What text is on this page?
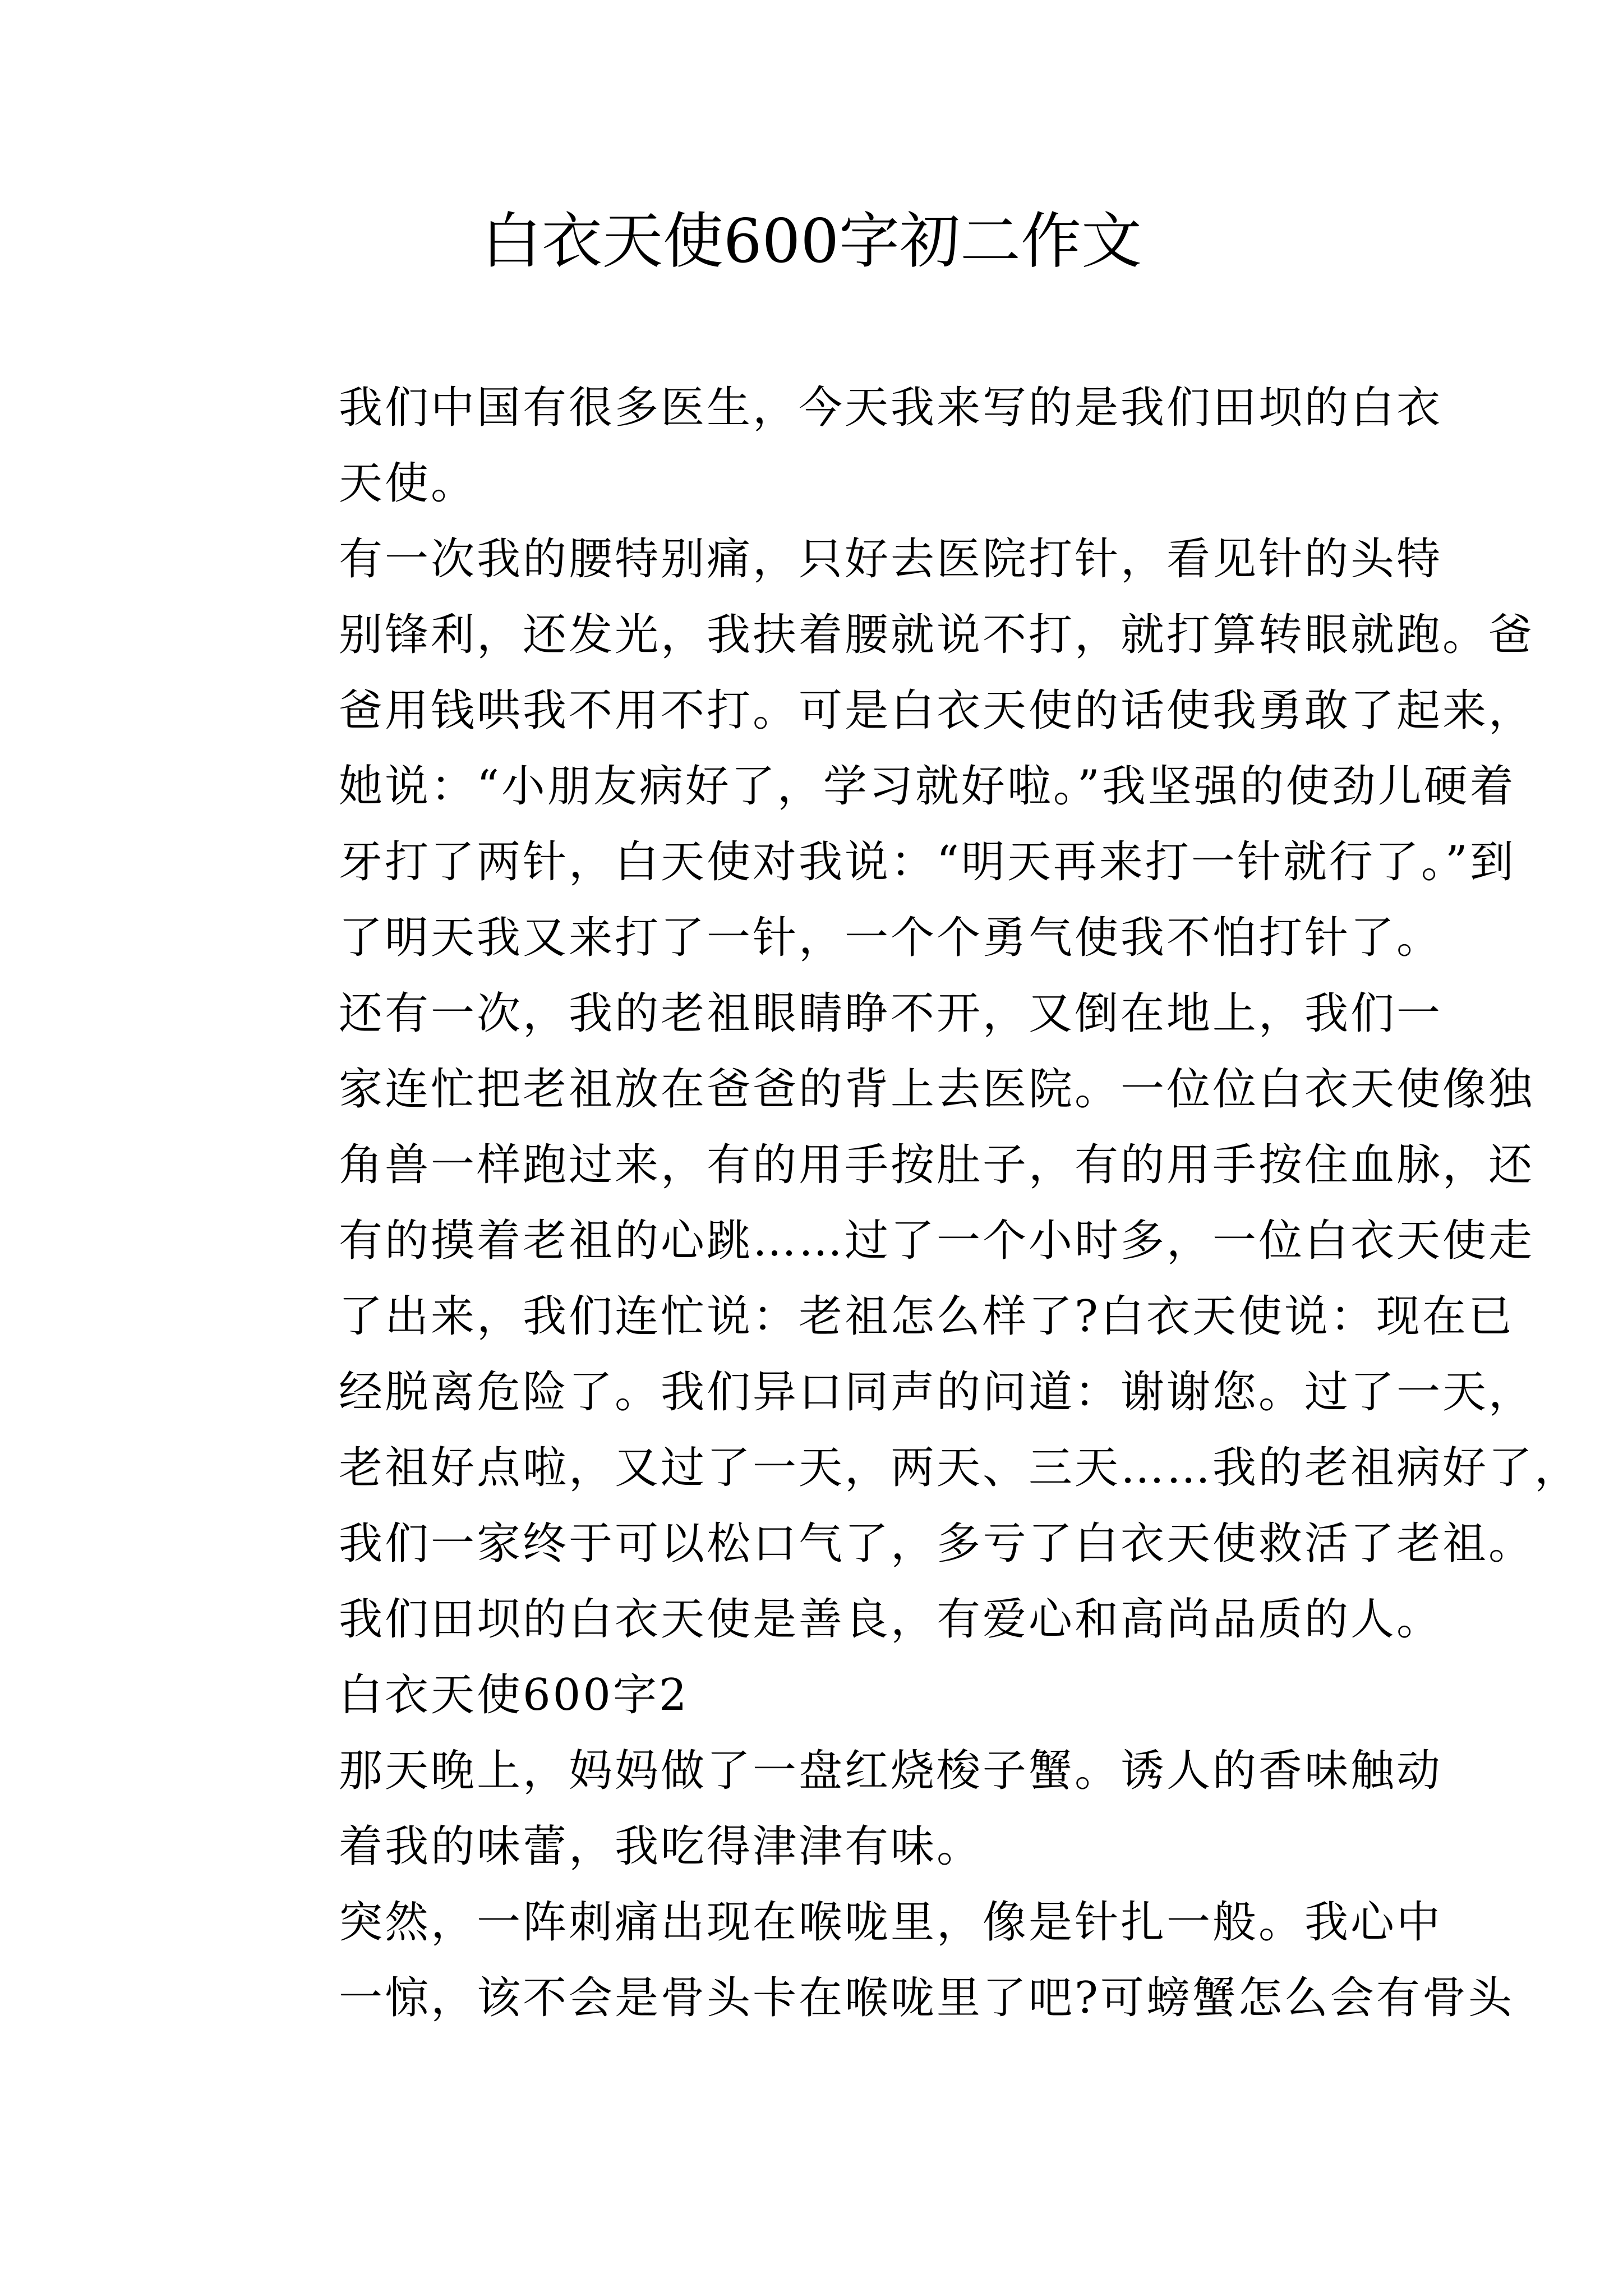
白衣天使600字初二作文

我们中国有很多医生，今天我来写的是我们田坝的白衣
天使。

有一次我的腰特别痛，只好去医院打针，看见针的头特
别锋利，还发光，我扶着腰就说不打，就打算转眼就跑。爸
爸用钱哄我不用不打。可是白衣天使的话使我勇敢了起来，
她说：“小朋友病好了，学习就好啦。”我坚强的使劲儿硬着
牙打了两针，白天使对我说：“明天再来打一针就行了。”到
了明天我又来打了一针，一个个勇气使我不怕打针了。

还有一次，我的老祖眼睛睁不开，又倒在地上，我们一
家连忙把老祖放在爸爸的背上去医院。一位位白衣天使像独
角兽一样跑过来，有的用手按肚子，有的用手按住血脉，还
有的摸着老祖的心跳……过了一个小时多，一位白衣天使走
了出来，我们连忙说：老祖怎么样了?白衣天使说：现在已
经脱离危险了。我们异口同声的问道：谢谢您。过了一天，
老祖好点啦，又过了一天，两天、三天……我的老祖病好了，
我们一家终于可以松口气了，多亏了白衣天使救活了老祖。

我们田坝的白衣天使是善良，有爱心和高尚品质的人。

白衣天使600字2

那天晚上，妈妈做了一盘红烧梭子蟹。诱人的香味触动
着我的味蕾，我吃得津津有味。

突然，一阵刺痛出现在喉咙里，像是针扎一般。我心中
一惊，该不会是骨头卡在喉咙里了吧?可螃蟹怎么会有骨头
